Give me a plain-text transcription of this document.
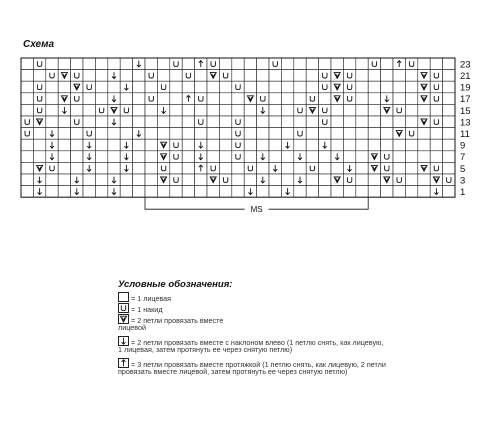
23
21
19
17
15
13
11
9
7
5
3
1
MS
Схема
Условные обозначения:
= 1 лицевая
= 1 накид
= 2 петли провязать вместе
лицевой
= 2 петли провязать вместе с наклоном влево (1 петлю снять, как лицевую,
1 лицевая, затем протянуть ее через снятую петлю)
= 3 петли провязать вместе протяжкой (1 петлю снять, как лицевую, 2 петли
провязать вместе лицевой, затем протянуть ее через снятую петлю)
